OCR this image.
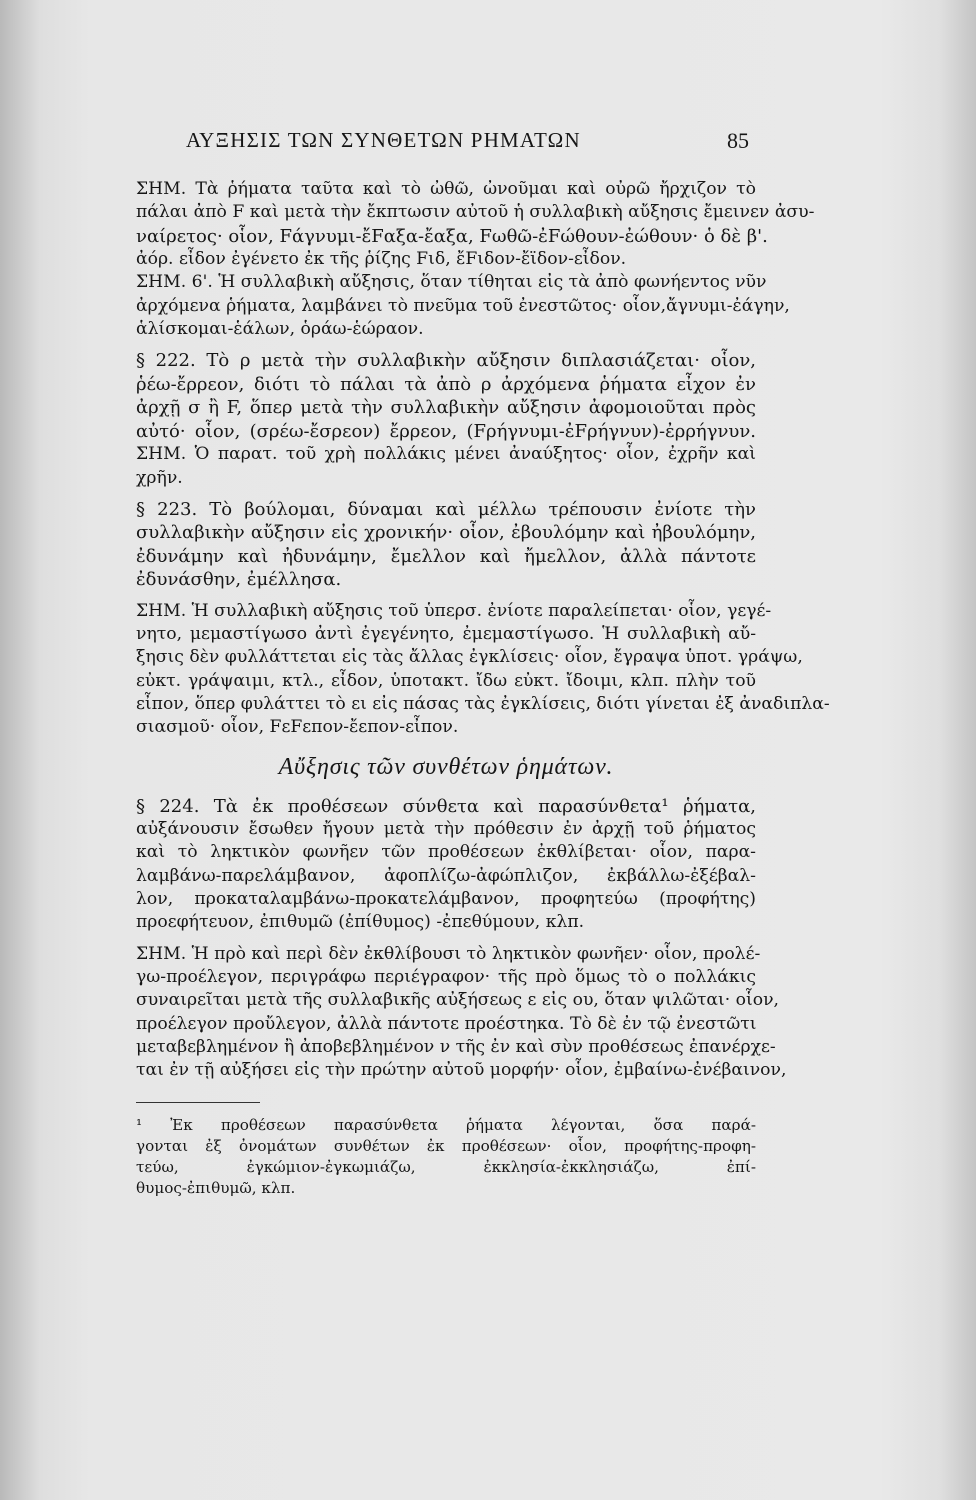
ΑΥΞΗΣΙΣ ΤΩΝ ΣΥΝΘΕΤΩΝ ΡΗΜΑΤΩΝ	85

ΣΗΜ. Τὰ ῥήματα ταῦτα καὶ τὸ ὠθῶ, ὠνοῦμαι καὶ οὐρῶ ἤρχιζον τὸ

πάλαι ἀπὸ F καὶ μετὰ τὴν ἔκπτωσιν αὐτοῦ ἡ συλλαβικὴ αὔξησις ἔμεινεν ἀσυ-

ναίρετος· οἷον, Fάγνυμι-ἔFαξα-ἔαξα, Fωθῶ-ἐFώθουν-ἐώθουν· ὁ δὲ β'.

ἀόρ. εἶδον ἐγένετο ἐκ τῆς ῥίζης Fιδ, ἔFιδον-ἔϊδον-εἶδον.

ΣΗΜ. 6'. Ἡ συλλαβικὴ αὔξησις, ὅταν τίθηται εἰς τὰ ἀπὸ φωνήεντος νῦν

ἀρχόμενα ῥήματα, λαμβάνει τὸ πνεῦμα τοῦ ἐνεστῶτος· οἷον,ἄγνυμι-ἐάγην,

ἁλίσκομαι-ἑάλων, ὁράω-ἑώραον.

§ 222. Τὸ ρ μετὰ τὴν συλλαβικὴν αὔξησιν διπλασιάζεται· οἷον,

ῥέω-ἔρρεον, διότι τὸ πάλαι τὰ ἀπὸ ρ ἀρχόμενα ῥήματα εἶχον ἐν

ἀρχῇ σ ἢ F, ὅπερ μετὰ τὴν συλλαβικὴν αὔξησιν ἀφομοιοῦται πρὸς

αὐτό· οἷον, (σρέω-ἔσρεον) ἔρρεον, (Fρήγνυμι-ἐFρήγνυν)-ἐρρήγνυν.

ΣΗΜ. Ὁ παρατ. τοῦ χρὴ πολλάκις μένει ἀναύξητος· οἷον, ἐχρῆν καὶ

χρῆν.

§ 223. Τὸ βούλομαι, δύναμαι καὶ μέλλω τρέπουσιν ἐνίοτε τὴν

συλλαβικὴν αὔξησιν εἰς χρονικήν· οἷον, ἐβουλόμην καὶ ἠβουλόμην,

ἐδυνάμην καὶ ἠδυνάμην, ἔμελλον καὶ ἤμελλον, ἀλλὰ πάντοτε

ἐδυνάσθην, ἐμέλλησα.

ΣΗΜ. Ἡ συλλαβικὴ αὔξησις τοῦ ὑπερσ. ἐνίοτε παραλείπεται· οἷον, γεγέ-

νητο, μεμαστίγωσο ἀντὶ ἐγεγένητο, ἐμεμαστίγωσο. Ἡ συλλαβικὴ αὔ-

ξησις δὲν φυλλάττεται εἰς τὰς ἄλλας ἐγκλίσεις· οἷον, ἔγραψα ὑποτ. γράψω,

εὐκτ. γράψαιμι, κτλ., εἶδον, ὑποτακτ. ἴδω εὐκτ. ἴδοιμι, κλπ. πλὴν τοῦ

εἶπον, ὅπερ φυλάττει τὸ ει εἰς πάσας τὰς ἐγκλίσεις, διότι γίνεται ἐξ ἀναδιπλα-

σιασμοῦ· οἷον, FεFεπον-ἔεπον-εἶπον.

Αὔξησις τῶν συνθέτων ῥημάτων.

§ 224. Τὰ ἐκ προθέσεων σύνθετα καὶ παρασύνθετα¹ ῥήματα,

αὐξάνουσιν ἔσωθεν ἤγουν μετὰ τὴν πρόθεσιν ἐν ἀρχῇ τοῦ ῥήματος

καὶ τὸ ληκτικὸν φωνῆεν τῶν προθέσεων ἐκθλίβεται· οἷον, παρα-

λαμβάνω-παρελάμβανον, ἀφοπλίζω-ἀφώπλιζον, ἐκβάλλω-ἐξέβαλ-

λον, προκαταλαμβάνω-προκατελάμβανον, προφητεύω (προφήτης)

προεφήτευον, ἐπιθυμῶ (ἐπίθυμος) -ἐπεθύμουν, κλπ.

ΣΗΜ. Ἡ πρὸ καὶ περὶ δὲν ἐκθλίβουσι τὸ ληκτικὸν φωνῆεν· οἷον, προλέ-

γω-προέλεγον, περιγράφω περιέγραφον· τῆς πρὸ ὅμως τὸ ο πολλάκις

συναιρεῖται μετὰ τῆς συλλαβικῆς αὐξήσεως ε εἰς ου, ὅταν ψιλῶται· οἷον,

προέλεγον προὔλεγον, ἀλλὰ πάντοτε προέστηκα. Τὸ δὲ ἐν τῷ ἐνεστῶτι

μεταβεβλημένον ἢ ἀποβεβλημένον ν τῆς ἐν καὶ σὺν προθέσεως ἐπανέρχε-

ται ἐν τῇ αὐξήσει εἰς τὴν πρώτην αὐτοῦ μορφήν· οἷον, ἐμβαίνω-ἐνέβαινον,

¹ Ἐκ προθέσεων παρασύνθετα ῥήματα λέγονται, ὅσα παρά-

γονται ἐξ ὀνομάτων συνθέτων ἐκ προθέσεων· οἷον, προφήτης-προφη-

τεύω, ἐγκώμιον-ἐγκωμιάζω, ἐκκλησία-ἐκκλησιάζω, ἐπί-

θυμος-ἐπιθυμῶ, κλπ.
